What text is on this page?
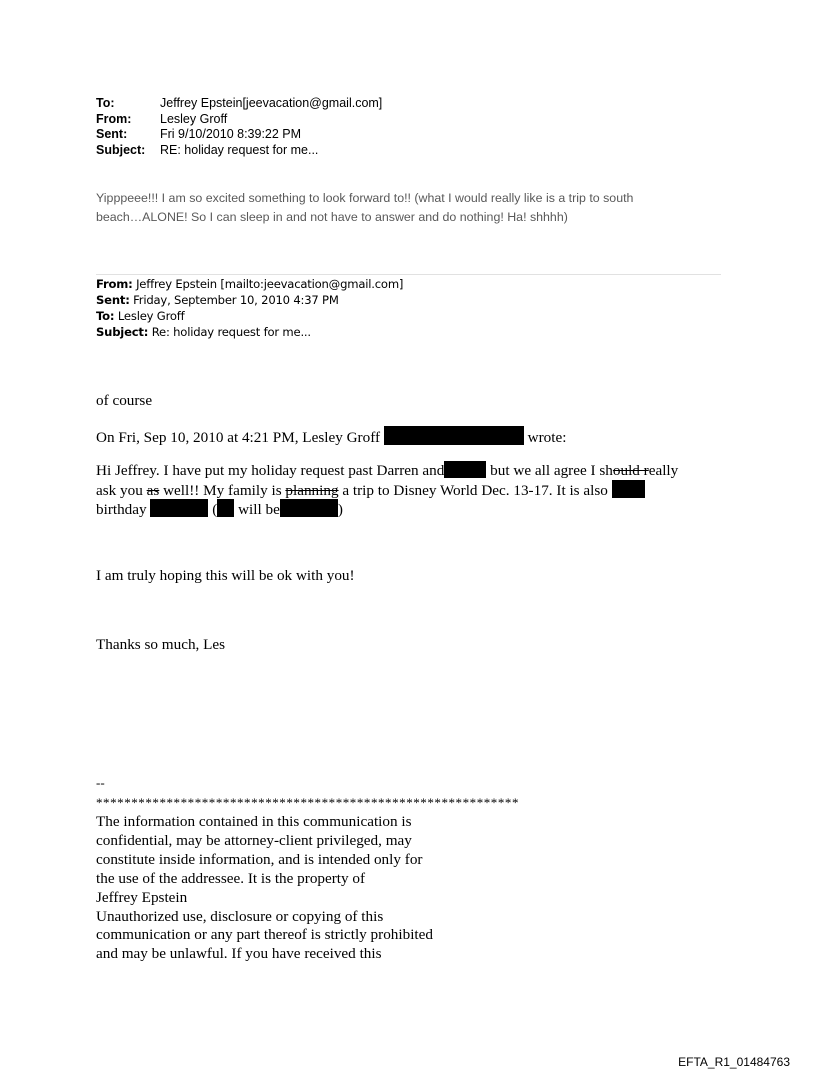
To:	Jeffrey Epstein[jeevacation@gmail.com]
From: Lesley Groff
Sent:	Fri 9/10/2010 8:39:22 PM
Subject: RE: holiday request for me...
Yipppeee!!! I am so excited something to look forward to!! (what I would really like is a trip to south
beach…ALONE! So I can sleep in and not have to answer and do nothing! Ha! shhhh)
From: Jeffrey Epstein [mailto:jeevacation@gmail.com]
Sent: Friday, September 10, 2010 4:37 PM
To: Lesley Groff
Subject: Re: holiday request for me...
of course
On Fri, Sep 10, 2010 at 4:21 PM, Lesley Groff	wrote:
Hi Jeffrey. I have put my holiday request past Darren and	but we all agree I should really
ask you as well!! My family is planning a trip to Disney World Dec. 13-17. It is also
birthday	( will be	)
I am truly hoping this will be ok with you!
Thanks so much, Les
--
************************************************************
The information contained in this communication is
confidential, may be attorney-client privileged, may
constitute inside information, and is intended only for
the use of the addressee. It is the property of
Jeffrey Epstein
Unauthorized use, disclosure or copying of this
communication or any part thereof is strictly prohibited
and may be unlawful. If you have received this
EFTA_R1_01484763
